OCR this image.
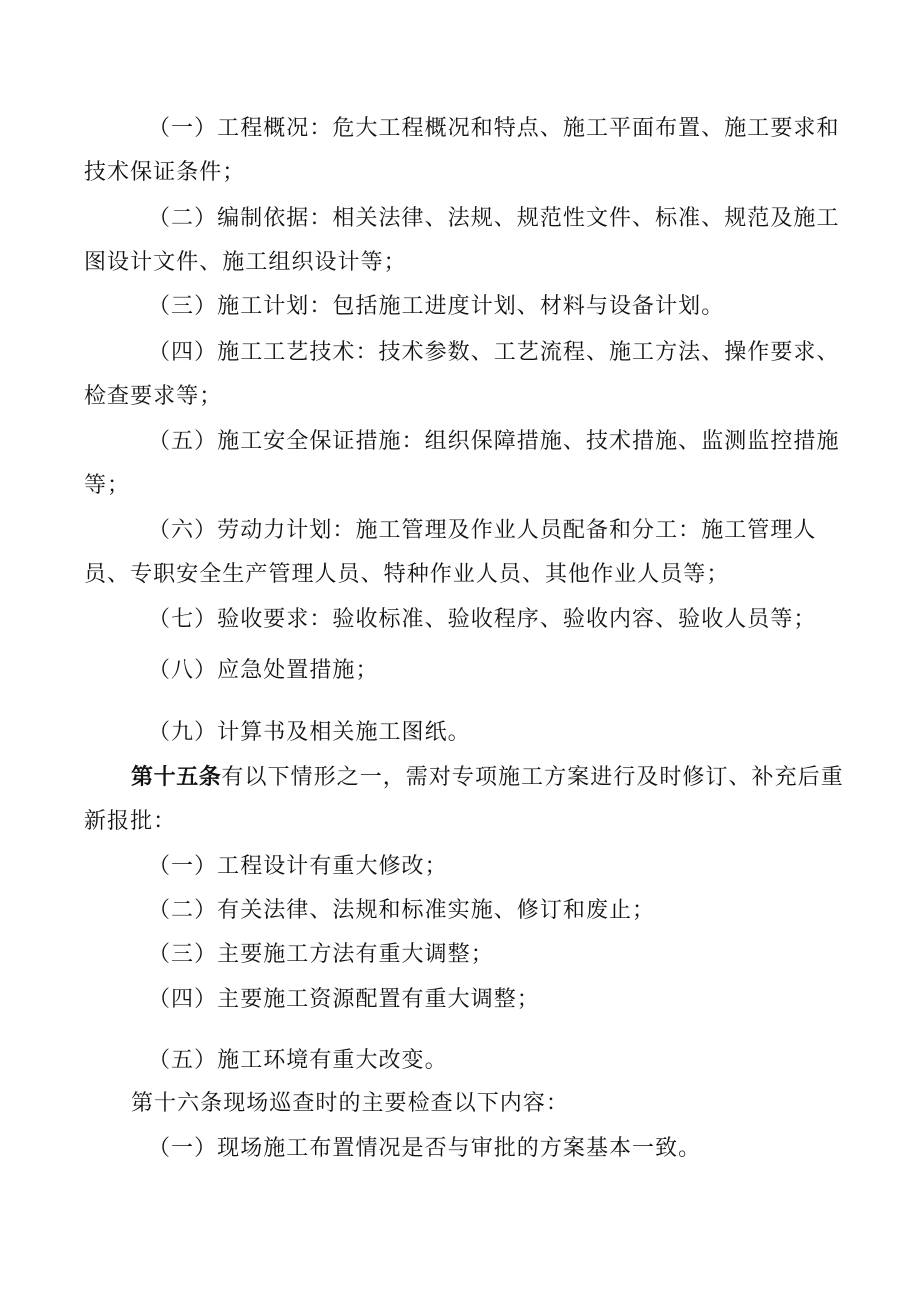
（一）工程概况：危大工程概况和特点、施工平面布置、施工要求和
技术保证条件；
（二）编制依据：相关法律、法规、规范性文件、标准、规范及施工
图设计文件、施工组织设计等；
（三）施工计划：包括施工进度计划、材料与设备计划。
（四）施工工艺技术：技术参数、工艺流程、施工方法、操作要求、
检查要求等；
（五）施工安全保证措施：组织保障措施、技术措施、监测监控措施
等；
（六）劳动力计划：施工管理及作业人员配备和分工：施工管理人
员、专职安全生产管理人员、特种作业人员、其他作业人员等；
（七）验收要求：验收标准、验收程序、验收内容、验收人员等；
（八）应急处置措施；
（九）计算书及相关施工图纸。
第十五条有以下情形之一，需对专项施工方案进行及时修订、补充后重
新报批：
（一）工程设计有重大修改；
（二）有关法律、法规和标准实施、修订和废止；
（三）主要施工方法有重大调整；
（四）主要施工资源配置有重大调整；
（五）施工环境有重大改变。
第十六条现场巡查时的主要检查以下内容：
（一）现场施工布置情况是否与审批的方案基本一致。
